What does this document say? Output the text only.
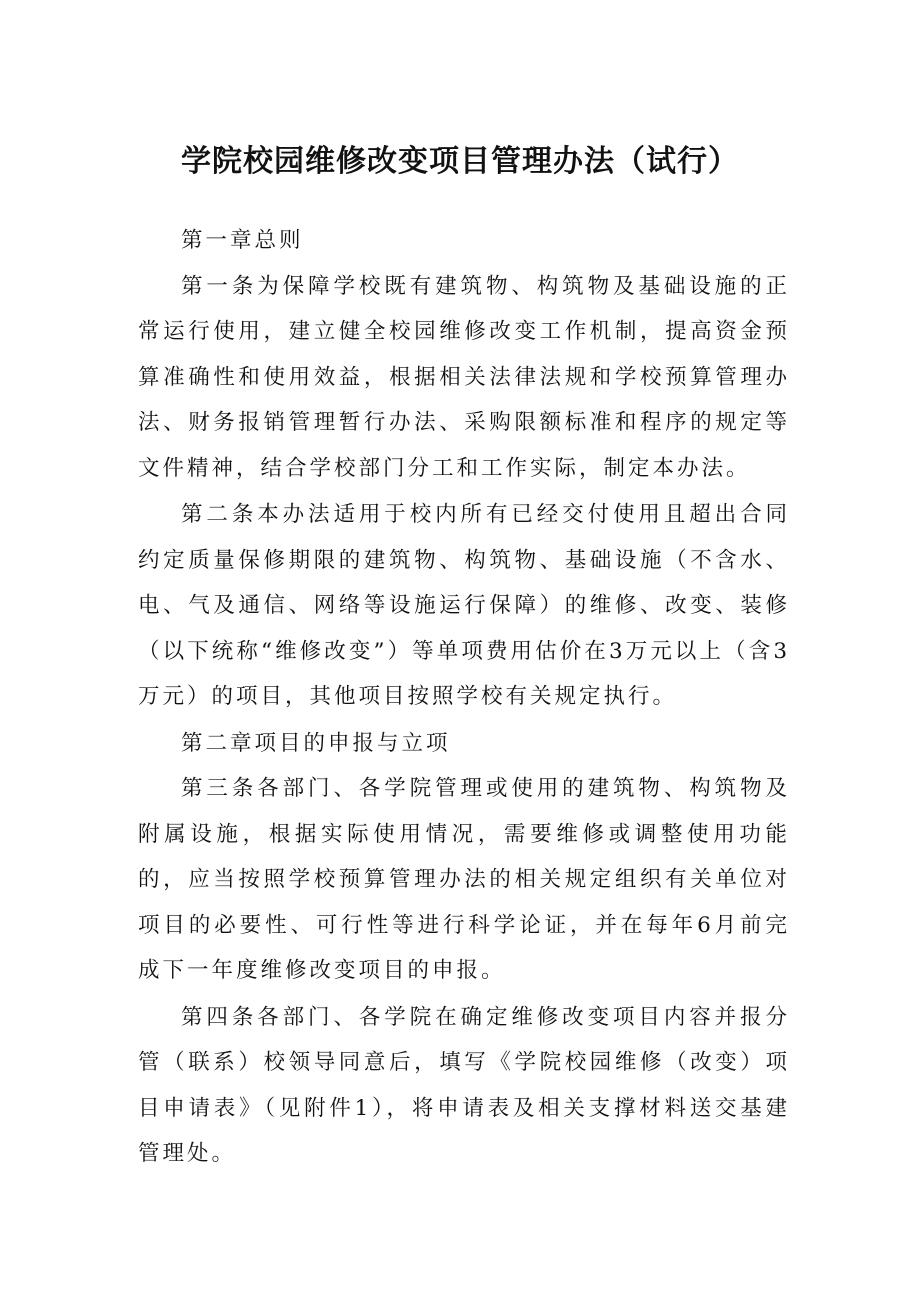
学院校园维修改变项目管理办法（试行）

第一章总则

第一条为保障学校既有建筑物、构筑物及基础设施的正常运行使用，建立健全校园维修改变工作机制，提高资金预算准确性和使用效益，根据相关法律法规和学校预算管理办法、财务报销管理暂行办法、采购限额标准和程序的规定等文件精神，结合学校部门分工和工作实际，制定本办法。

第二条本办法适用于校内所有已经交付使用且超出合同约定质量保修期限的建筑物、构筑物、基础设施（不含水、电、气及通信、网络等设施运行保障）的维修、改变、装修（以下统称“维修改变”）等单项费用估价在3万元以上（含3万元）的项目，其他项目按照学校有关规定执行。

第二章项目的申报与立项

第三条各部门、各学院管理或使用的建筑物、构筑物及附属设施，根据实际使用情况，需要维修或调整使用功能的，应当按照学校预算管理办法的相关规定组织有关单位对项目的必要性、可行性等进行科学论证，并在每年6月前完成下一年度维修改变项目的申报。

第四条各部门、各学院在确定维修改变项目内容并报分管（联系）校领导同意后，填写《学院校园维修（改变）项目申请表》（见附件1），将申请表及相关支撑材料送交基建管理处。
